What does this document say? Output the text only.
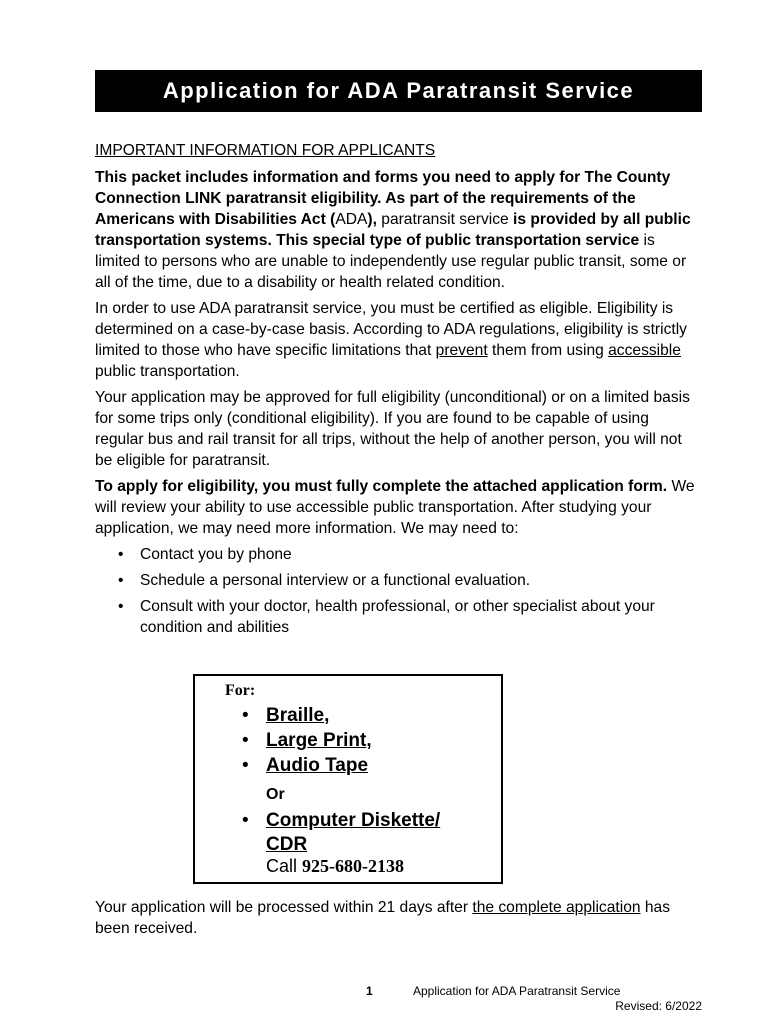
Application for ADA Paratransit Service

IMPORTANT INFORMATION FOR APPLICANTS

This packet includes information and forms you need to apply for The County Connection LINK paratransit eligibility. As part of the requirements of the Americans with Disabilities Act (ADA), paratransit service is provided by all public transportation systems. This special type of public transportation service is limited to persons who are unable to independently use regular public transit, some or all of the time, due to a disability or health related condition.

In order to use ADA paratransit service, you must be certified as eligible. Eligibility is determined on a case-by-case basis. According to ADA regulations, eligibility is strictly limited to those who have specific limitations that prevent them from using accessible public transportation.

Your application may be approved for full eligibility (unconditional) or on a limited basis for some trips only (conditional eligibility). If you are found to be capable of using regular bus and rail transit for all trips, without the help of another person, you will not be eligible for paratransit.

To apply for eligibility, you must fully complete the attached application form. We will review your ability to use accessible public transportation. After studying your application, we may need more information. We may need to:

• Contact you by phone
• Schedule a personal interview or a functional evaluation.
• Consult with your doctor, health professional, or other specialist about your condition and abilities
For:
• Braille,
• Large Print,
• Audio Tape
Or
• Computer Diskette/
CDR
Call 925-680-2138

Your application will be processed within 21 days after the complete application has been received.

1	Application for ADA Paratransit Service
Revised: 6/2022
